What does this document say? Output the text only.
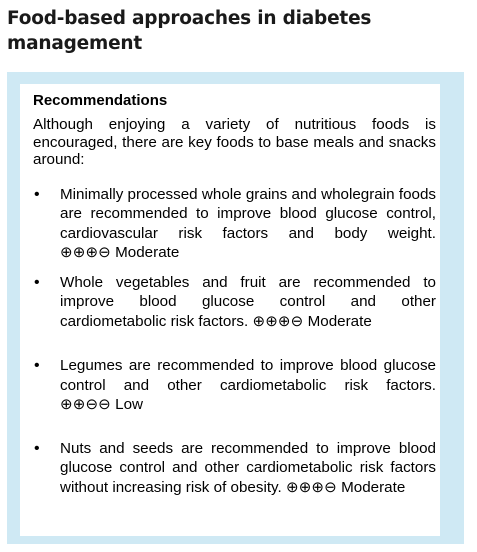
Food-based approaches in diabetes
management
Recommendations

Although enjoying a variety of nutritious foods is encouraged, there are key foods to base meals and snacks around:

• Minimally processed whole grains and wholegrain foods are recommended to improve blood glucose control, cardiovascular risk factors and body weight. ⊕⊕⊕⊖ Moderate
• Whole vegetables and fruit are recommended to improve blood glucose control and other cardiometabolic risk factors. ⊕⊕⊕⊖ Moderate
• Legumes are recommended to improve blood glucose control and other cardiometabolic risk factors. ⊕⊕⊖⊖ Low
• Nuts and seeds are recommended to improve blood glucose control and other cardiometabolic risk factors without increasing risk of obesity. ⊕⊕⊕⊖ Moderate
